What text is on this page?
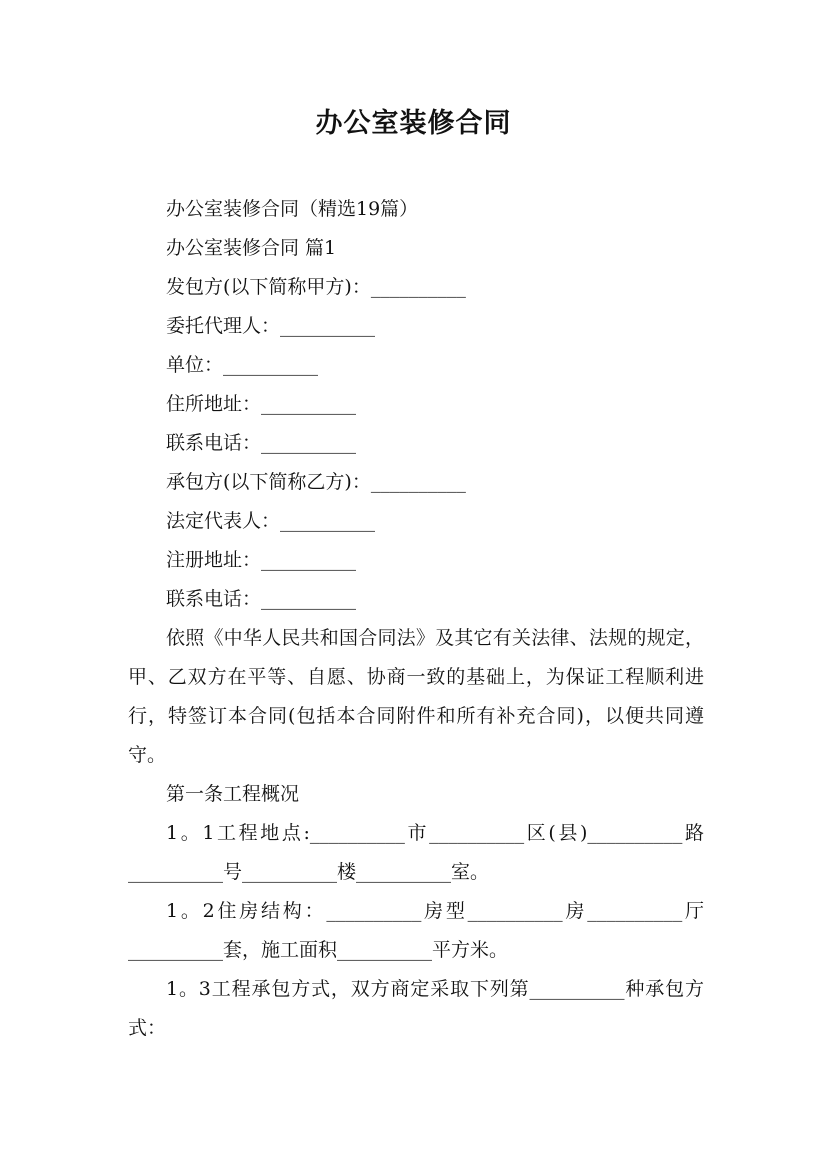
办公室装修合同
办公室装修合同（精选19篇）
办公室装修合同 篇1
发包方(以下简称甲方)：__________
委托代理人：__________
单位：__________
住所地址：__________
联系电话：__________
承包方(以下简称乙方)：__________
法定代表人：__________
注册地址：__________
联系电话：__________
依照《中华人民共和国合同法》及其它有关法律、法规的规定，甲、乙双方在平等、自愿、协商一致的基础上，为保证工程顺利进行，特签订本合同(包括本合同附件和所有补充合同)，以便共同遵守。
第一条工程概况
1。1工程地点:__________市__________区(县)__________路__________号__________楼__________室。
1。2住房结构：__________房型__________房__________厅__________套，施工面积__________平方米。
1。3工程承包方式，双方商定采取下列第__________种承包方式：
